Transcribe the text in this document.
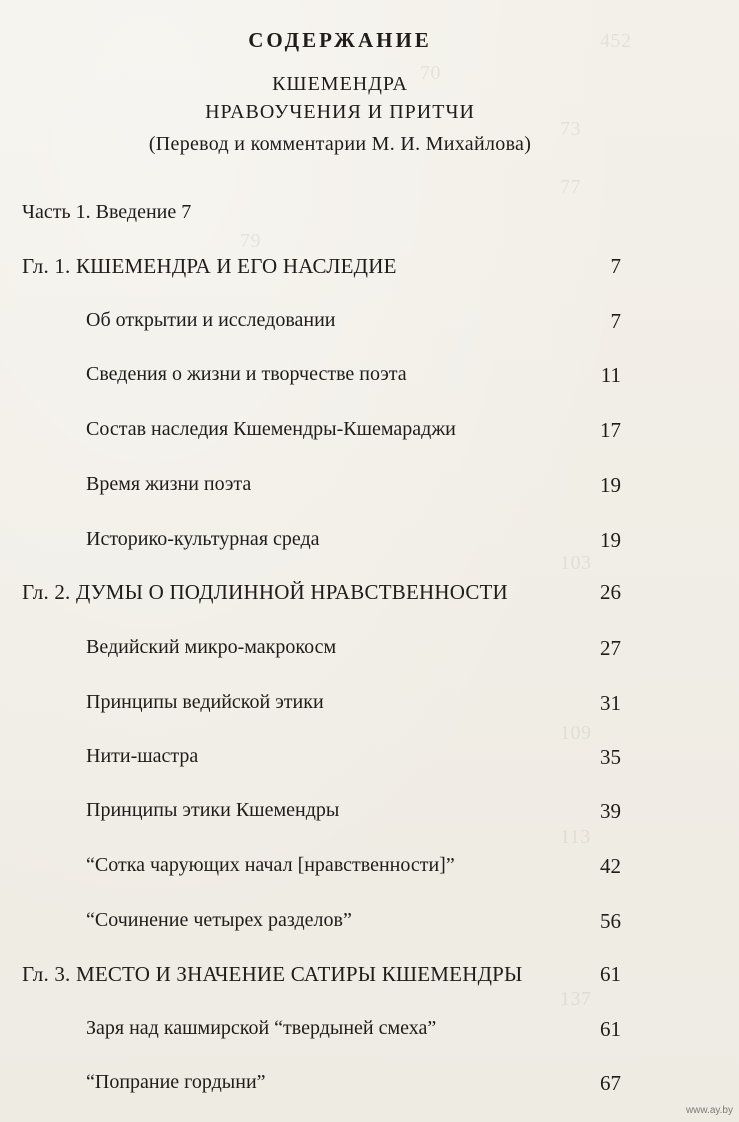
452
70
73
77
79
103
109
113
137
СОДЕРЖАНИЕ
КШЕМЕНДРА
НРАВОУЧЕНИЯ И ПРИТЧИ
(Перевод и комментарии М. И. Михайлова)
Часть 1. Введение 7
Гл. 1. КШЕМЕНДРА И ЕГО НАСЛЕДИЕ	7
Об открытии и исследовании	7
Сведения о жизни и творчестве поэта	11
Состав наследия Кшемендры-Кшемараджи	17
Время жизни поэта	19
Историко-культурная среда	19
Гл. 2. ДУМЫ О ПОДЛИННОЙ НРАВСТВЕННОСТИ	26
Ведийский микро-макрокосм	27
Принципы ведийской этики	31
Нити-шастра	35
Принципы этики Кшемендры	39
“Сотка чарующих начал [нравственности]”	42
“Сочинение четырех разделов”	56
Гл. 3. МЕСТО И ЗНАЧЕНИЕ САТИРЫ КШЕМЕНДРЫ	61
Заря над кашмирской “твердыней смеха”	61
“Попрание гордыни”	67
www.ay.by
